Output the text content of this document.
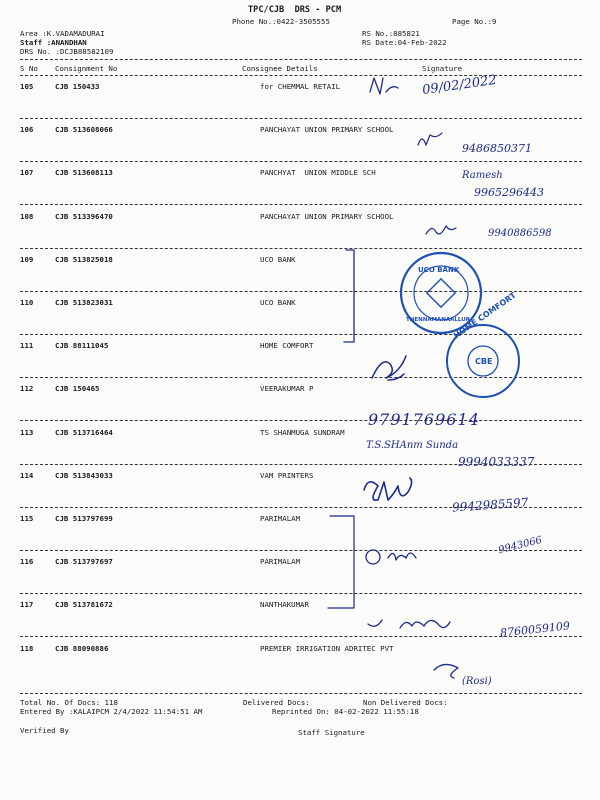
TPC/CJB  DRS - PCM
Phone No.:0422-3505555	Page No.:9
Area :K.VADAMADURAI
Staff :ANANDHAN
DRS No. :DCJB88582109
RS No.:885821
RS Date:04-Feb-2022
S No Consignment No	Consignee Details	Signature
105	CJB 150433	for CHEMMAL RETAIL
106	CJB 513608066	PANCHAYAT UNION PRIMARY SCHOOL
107	CJB 513608113	PANCHYAT  UNION MIDDLE SCH
108	CJB 513396470	PANCHAYAT UNION PRIMARY SCHOOL
109	CJB 513825018	UCO BANK
110	CJB 513823031	UCO BANK
111	CJB 88111045	HOME COMFORT
112	CJB 150465	VEERAKUMAR P
113	CJB 513716464	TS SHANMUGA SUNDRAM
114	CJB 513843033	VAM PRINTERS
115	CJB 513797699	PARIMALAM
116	CJB 513797697	PARIMALAM
117	CJB 513781672	NANTHAKUMAR
118	CJB 88090886	PREMIER IRRIGATION ADRITEC PVT
UCO BANK
THENNAMANAALLUR
HOME COMFORT
CBE
09/02/2022
9486850371
Ramesh
9965296443
9940886598
9791769614
T.S.SHAnm Sunda
9994033337
9942985597
9943066
8760059109
(Rosi)
Total No. Of Docs: 118	Delivered Docs:	Non Delivered Docs:
Entered By :KALAIPCM 2/4/2022 11:54:51 AM	Reprinted On: 04-02-2022 11:55:18
Verified By	Staff Signature
